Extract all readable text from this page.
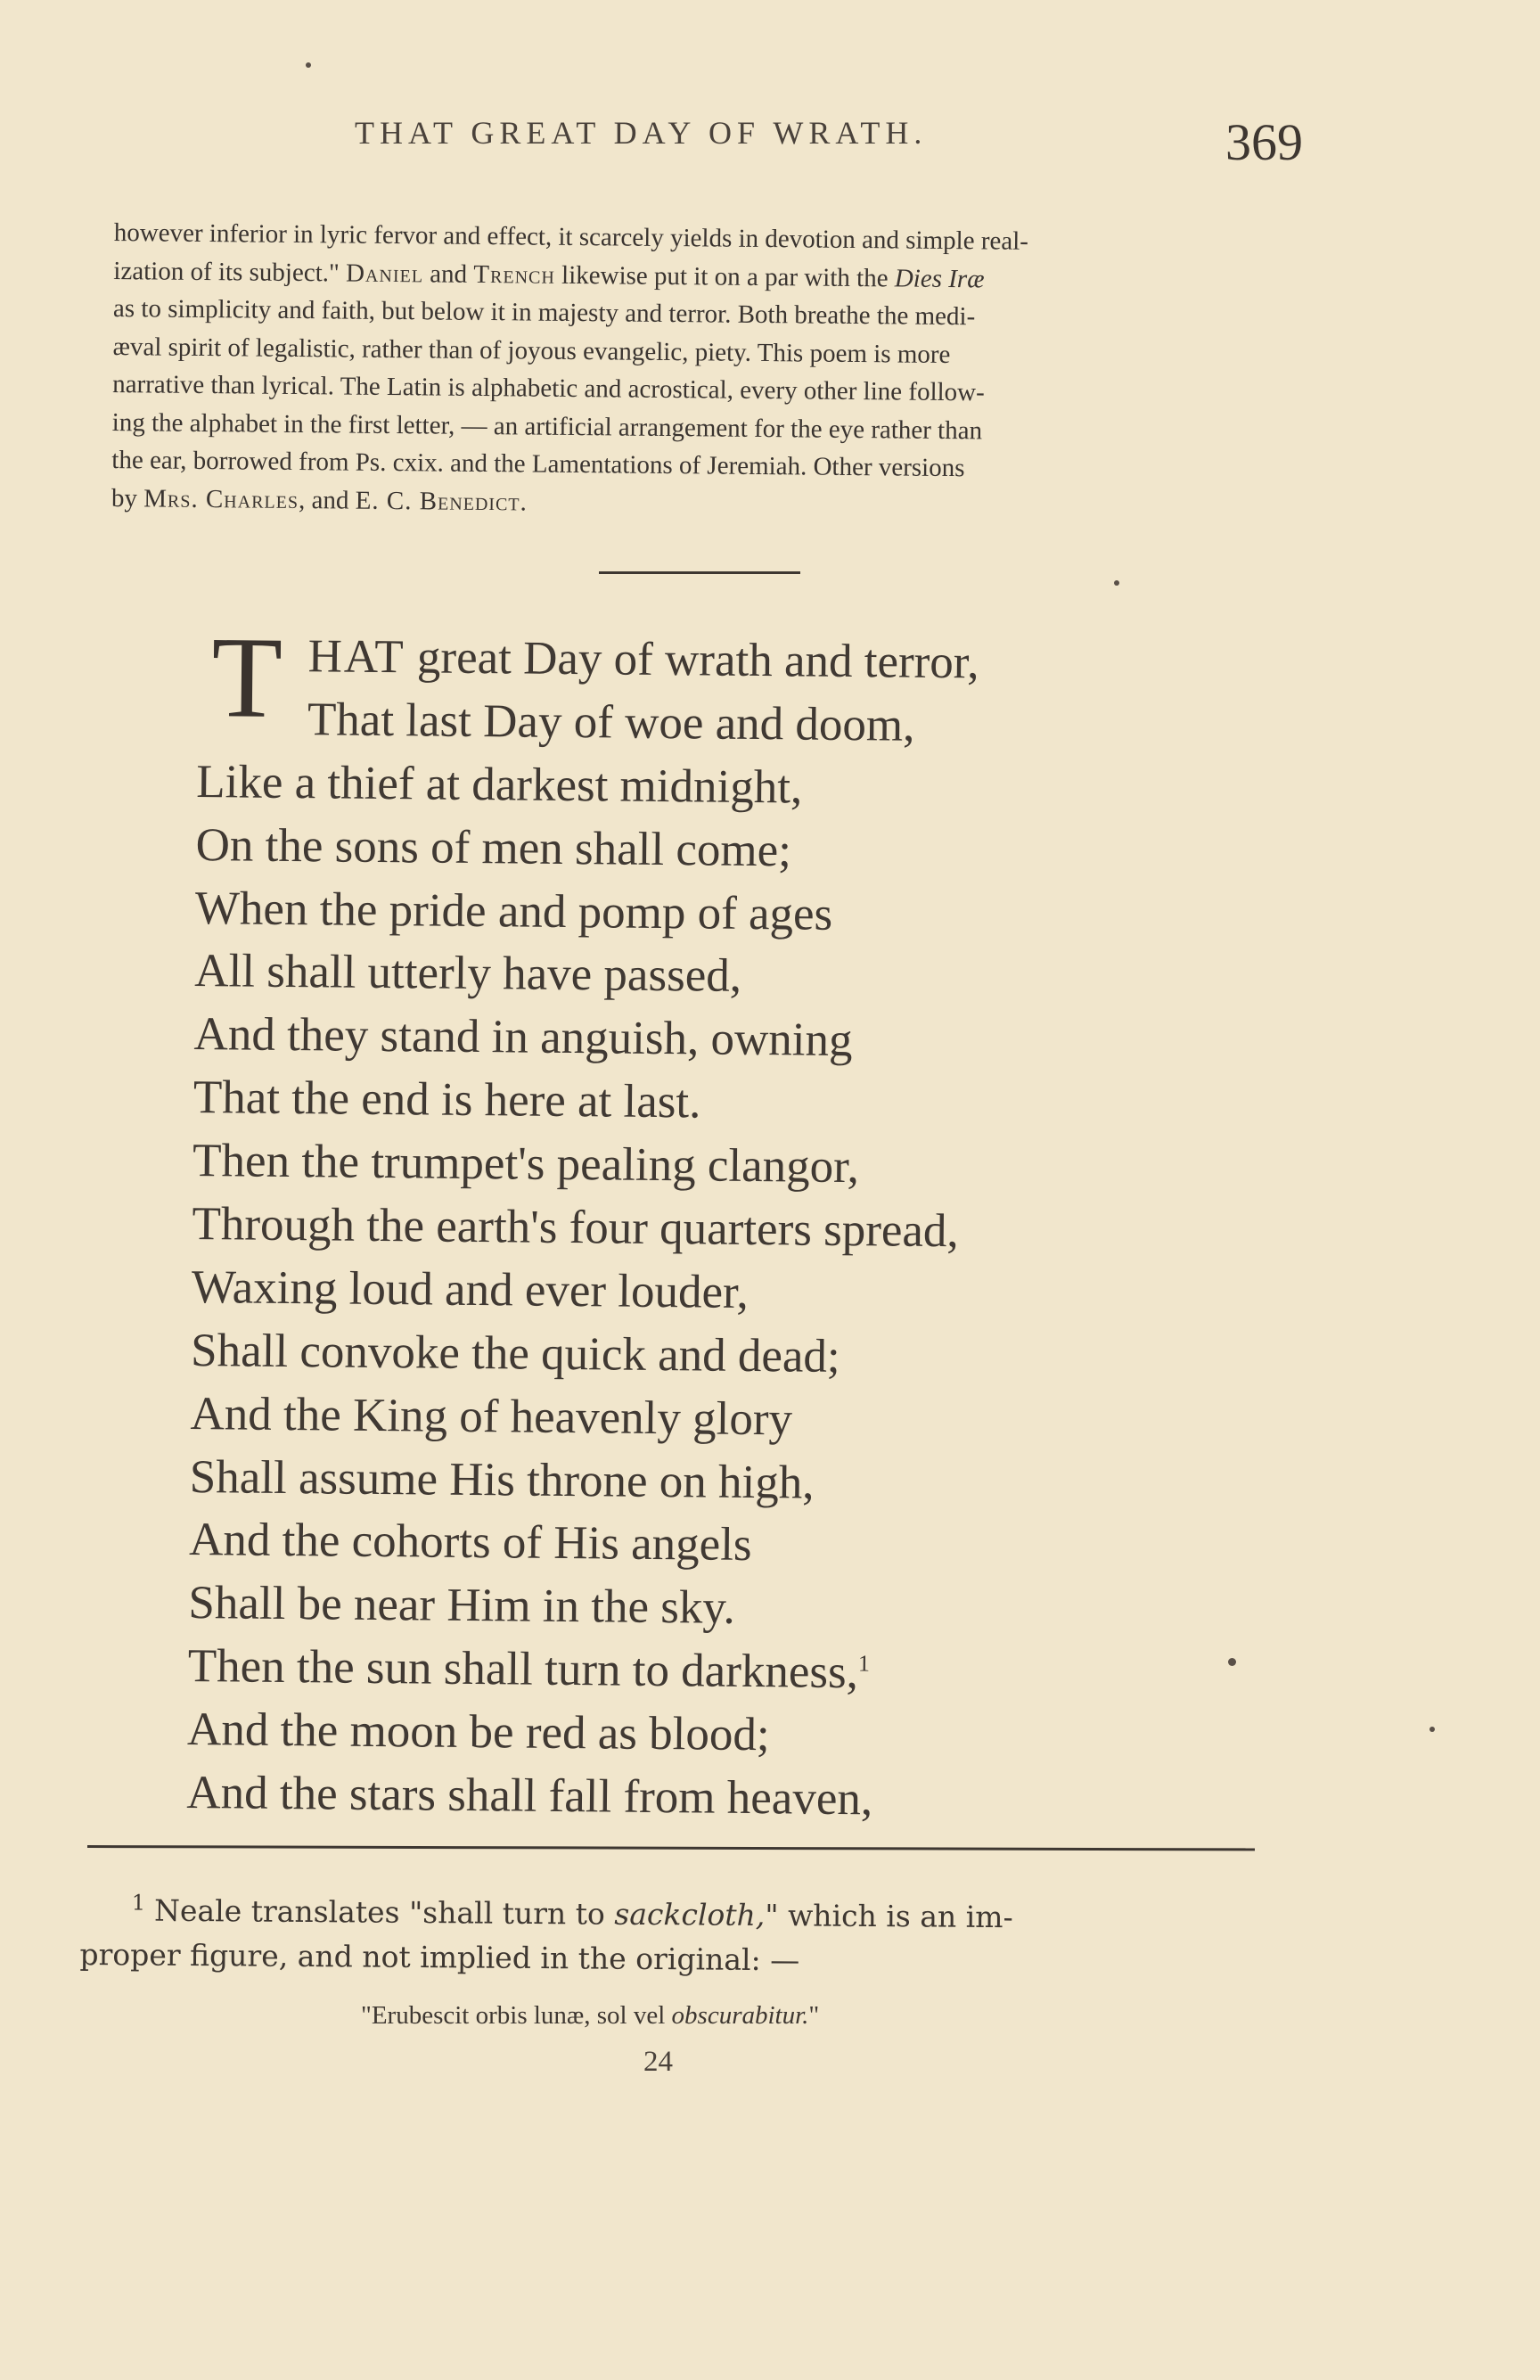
THAT GREAT DAY OF WRATH.	369
however inferior in lyric fervor and effect, it scarcely yields in devotion and simple real-
ization of its subject." Daniel and Trench likewise put it on a par with the Dies Iræ
as to simplicity and faith, but below it in majesty and terror. Both breathe the medi-
æval spirit of legalistic, rather than of joyous evangelic, piety. This poem is more
narrative than lyrical. The Latin is alphabetic and acrostical, every other line follow-
ing the alphabet in the first letter, — an artificial arrangement for the eye rather than
the ear, borrowed from Ps. cxix. and the Lamentations of Jeremiah. Other versions
by Mrs. Charles, and E. C. Benedict.
T HAT great Day of wrath and terror,
That last Day of woe and doom,
Like a thief at darkest midnight,
On the sons of men shall come;
When the pride and pomp of ages
All shall utterly have passed,
And they stand in anguish, owning
That the end is here at last.
Then the trumpet's pealing clangor,
Through the earth's four quarters spread,
Waxing loud and ever louder,
Shall convoke the quick and dead;
And the King of heavenly glory
Shall assume His throne on high,
And the cohorts of His angels
Shall be near Him in the sky.
Then the sun shall turn to darkness,$^1$
And the moon be red as blood;
And the stars shall fall from heaven,
$^1$ Neale translates "shall turn to sackcloth," which is an im-
proper figure, and not implied in the original: —
"Erubescit orbis lunæ, sol vel obscurabitur."
24
